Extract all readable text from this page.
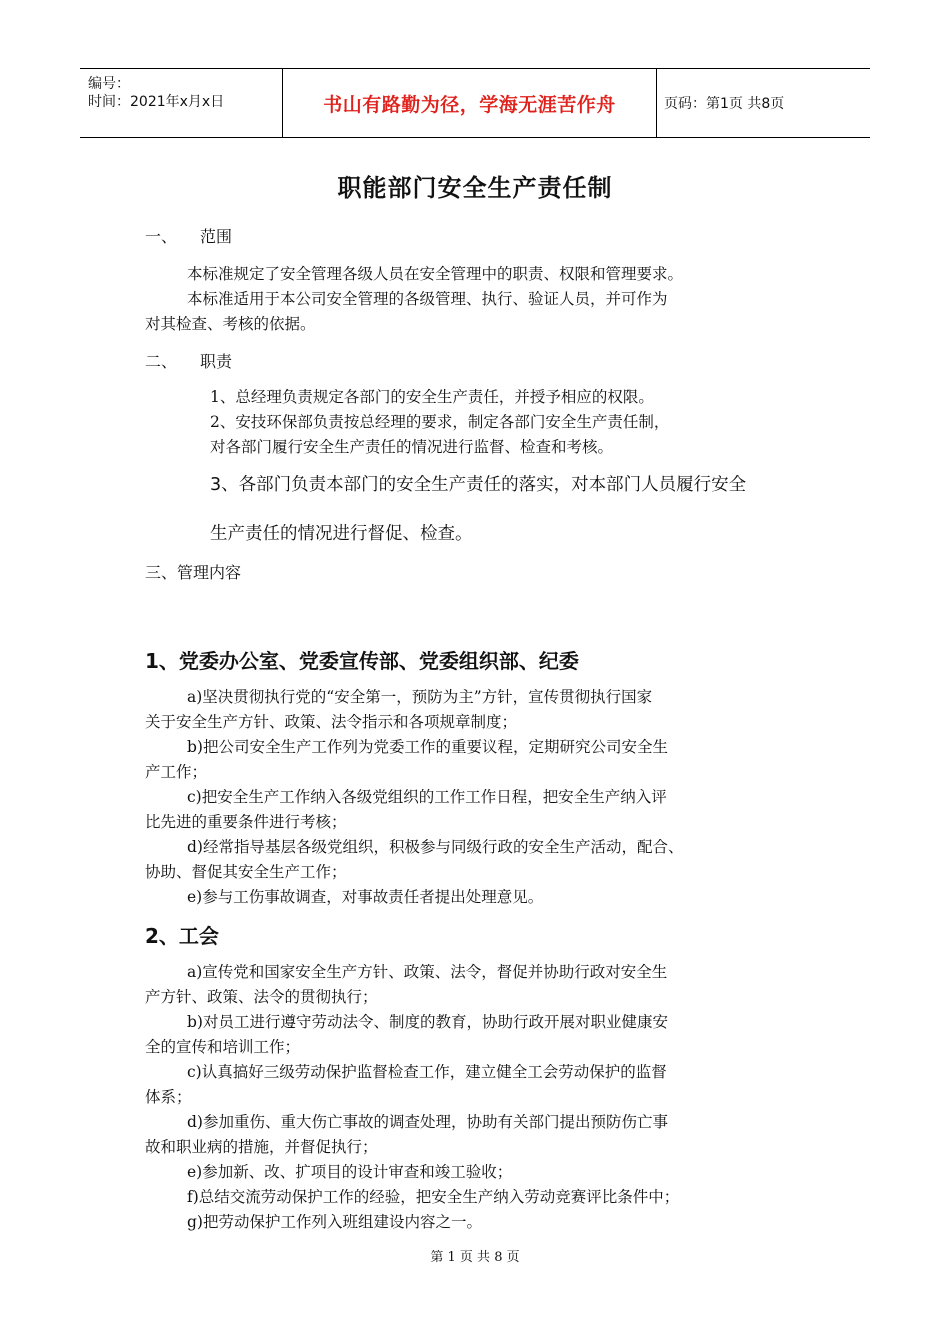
编号：
时间：2021年x月x日	书山有路勤为径，学海无涯苦作舟	页码：第1页 共8页
职能部门安全生产责任制
一、 范围
本标准规定了安全管理各级人员在安全管理中的职责、权限和管理要求。
本标准适用于本公司安全管理的各级管理、执行、验证人员，并可作为
对其检查、考核的依据。
二、 职责
1、总经理负责规定各部门的安全生产责任，并授予相应的权限。
2、安技环保部负责按总经理的要求，制定各部门安全生产责任制，
对各部门履行安全生产责任的情况进行监督、检查和考核。
3、各部门负责本部门的安全生产责任的落实，对本部门人员履行安全
生产责任的情况进行督促、检查。
三、管理内容
1、党委办公室、党委宣传部、党委组织部、纪委
a)坚决贯彻执行党的“安全第一，预防为主”方针，宣传贯彻执行国家
关于安全生产方针、政策、法令指示和各项规章制度；
b)把公司安全生产工作列为党委工作的重要议程，定期研究公司安全生
产工作；
c)把安全生产工作纳入各级党组织的工作工作日程，把安全生产纳入评
比先进的重要条件进行考核；
d)经常指导基层各级党组织，积极参与同级行政的安全生产活动，配合、
协助、督促其安全生产工作；
e)参与工伤事故调查，对事故责任者提出处理意见。
2、工会
a)宣传党和国家安全生产方针、政策、法令，督促并协助行政对安全生
产方针、政策、法令的贯彻执行；
b)对员工进行遵守劳动法令、制度的教育，协助行政开展对职业健康安
全的宣传和培训工作；
c)认真搞好三级劳动保护监督检查工作，建立健全工会劳动保护的监督
体系；
d)参加重伤、重大伤亡事故的调查处理，协助有关部门提出预防伤亡事
故和职业病的措施，并督促执行；
e)参加新、改、扩项目的设计审查和竣工验收；
f)总结交流劳动保护工作的经验，把安全生产纳入劳动竞赛评比条件中；
g)把劳动保护工作列入班组建设内容之一。
第 1 页 共 8 页
